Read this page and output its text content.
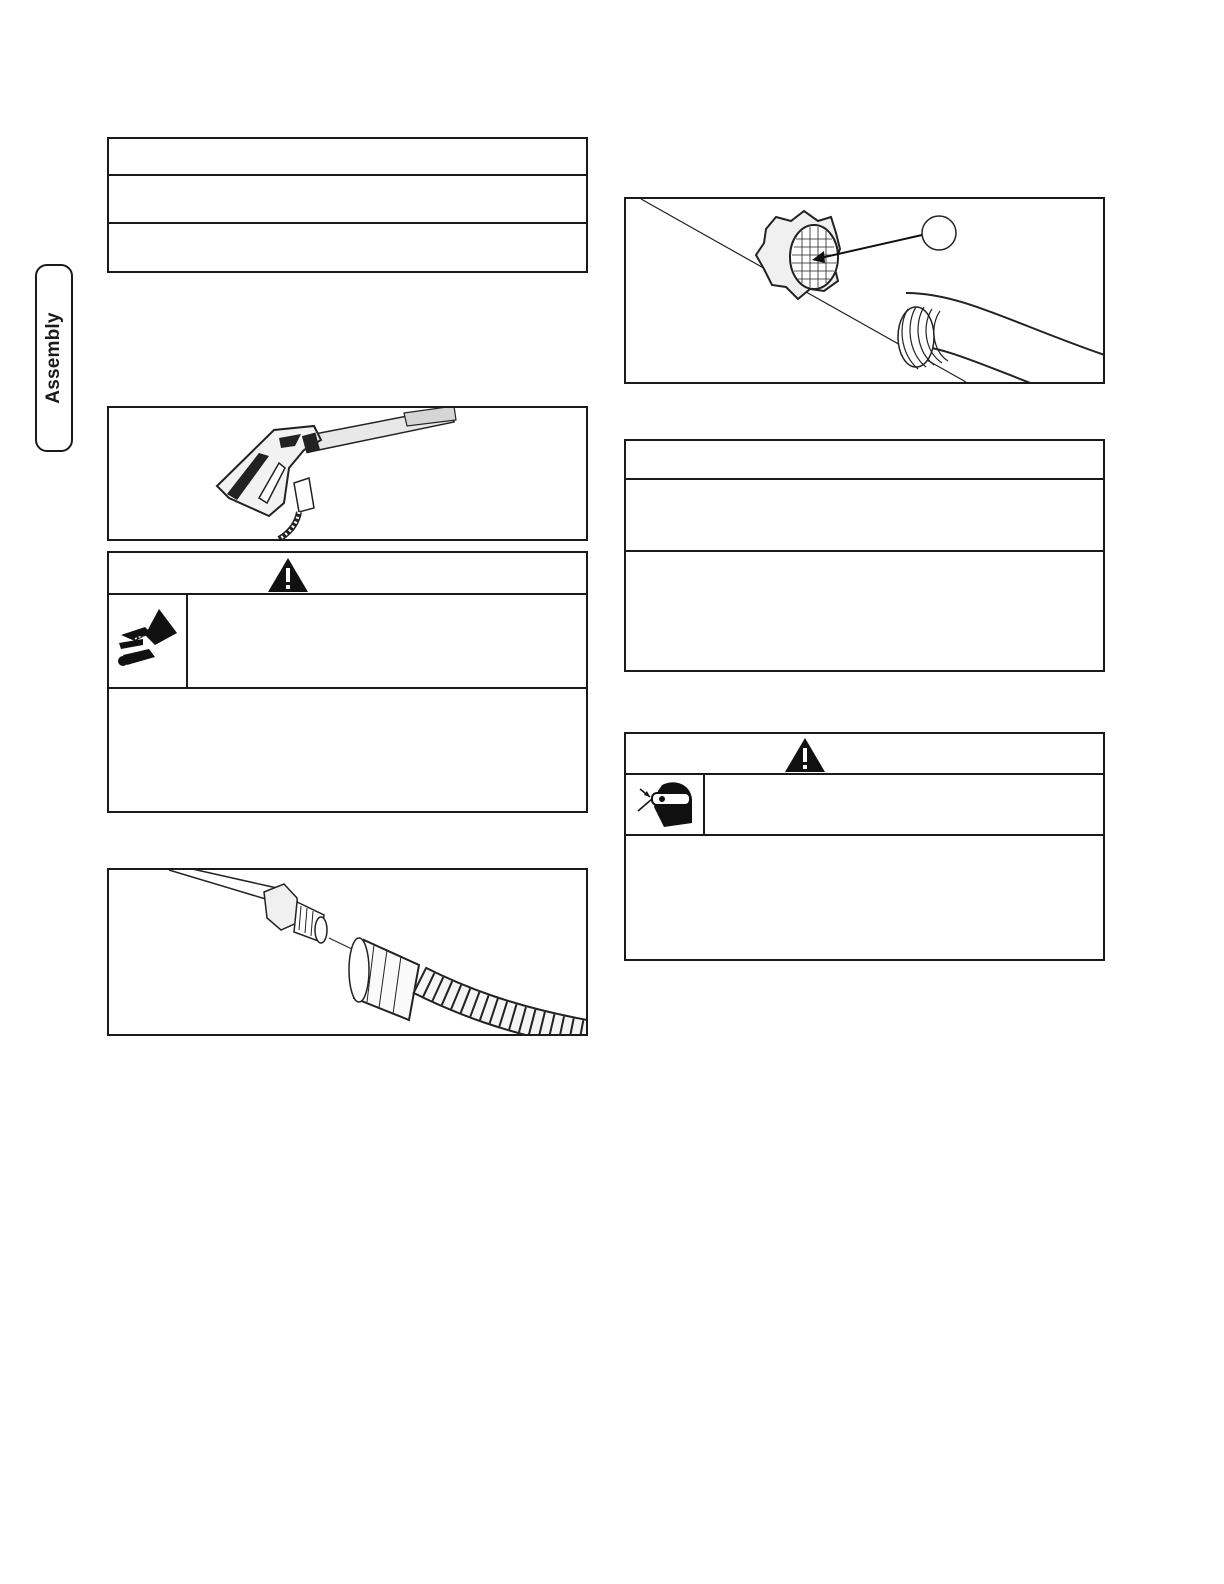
Assembly
